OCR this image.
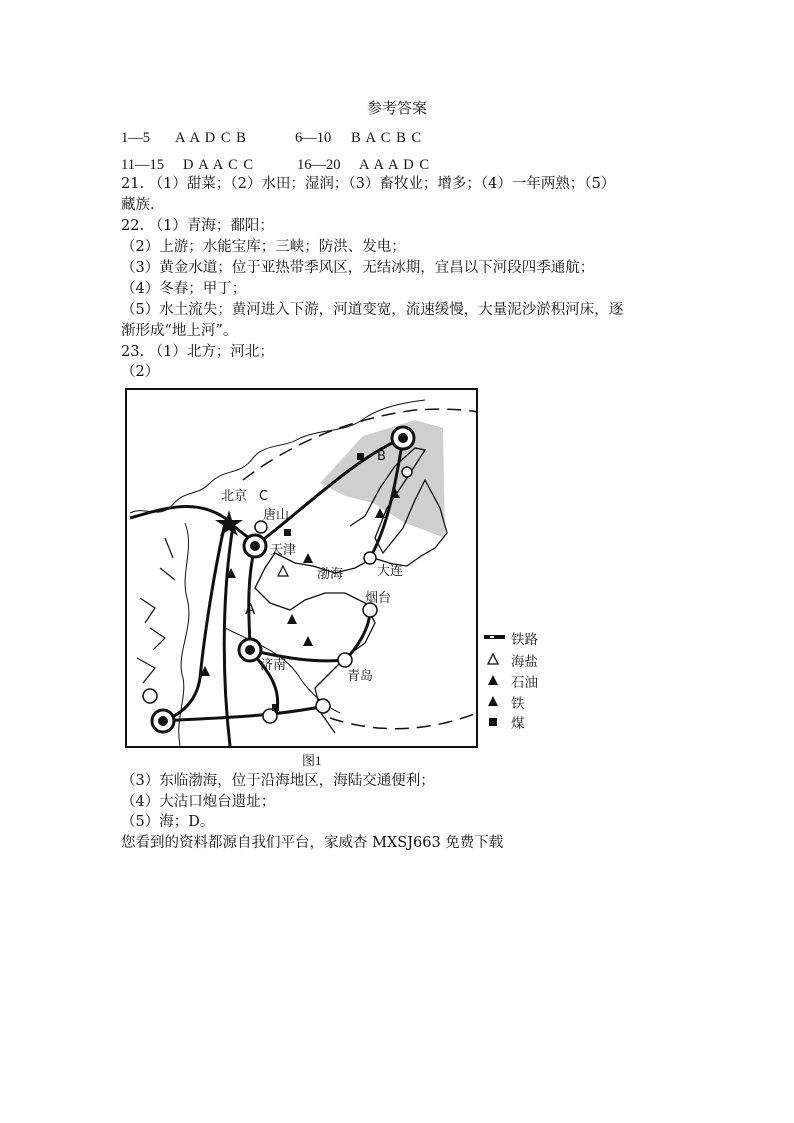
参考答案
1—5 A A D C B	6—10 B A C B C
11—15 D A A C C	16—20 A A A D C
21. （1）甜菜；（2）水田；湿润；（3）畜牧业；增多；（4）一年两熟；（5）
藏族.
22. （1）青海；鄱阳；
（2）上游；水能宝库；三峡；防洪、发电；
（3）黄金水道；位于亚热带季风区，无结冰期，宜昌以下河段四季通航；
（4）冬春；甲丁；
（5）水土流失；黄河进入下游，河道变宽，流速缓慢，大量泥沙淤积河床，逐
渐形成“地上河”。
23. （1）北方；河北；
（2）
北京 C
唐山
天津
渤海	大连
B
A
烟台
济南
青岛
铁路
海盐
石油
铁
煤
图1
（3）东临渤海，位于沿海地区，海陆交通便利；
（4）大沽口炮台遗址；
（5）海；D。
您看到的资料都源自我们平台，家威杏 MXSJ663 免费下载
